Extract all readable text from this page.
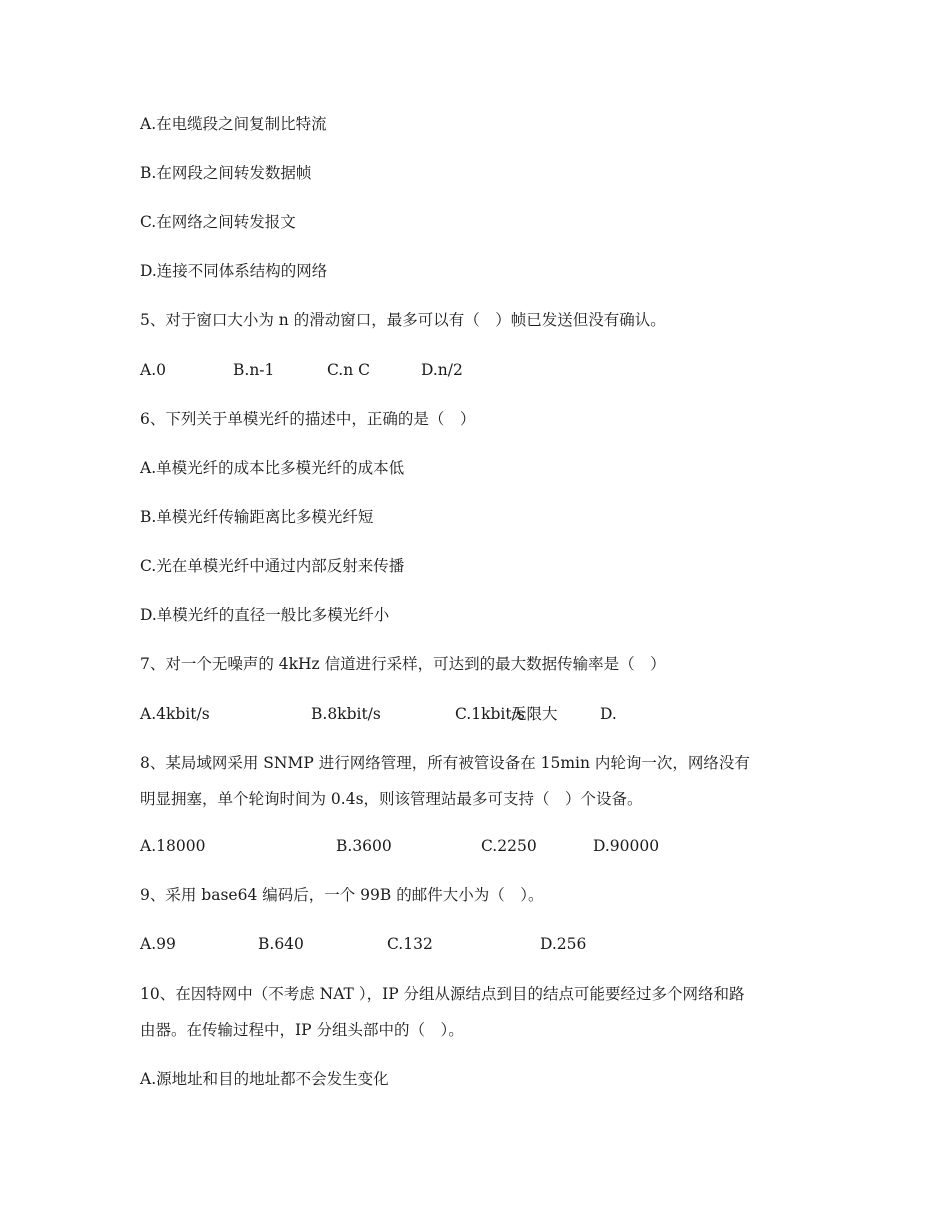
A.在电缆段之间复制比特流
B.在网段之间转发数据帧
C.在网络之间转发报文
D.连接不同体系结构的网络
5、对于窗口大小为 n 的滑动窗口，最多可以有（　）帧已发送但没有确认。
A.0	B.n-1	C.n C	D.n/2
6、下列关于单模光纤的描述中，正确的是（　）
A.单模光纤的成本比多模光纤的成本低
B.单模光纤传输距离比多模光纤短
C.光在单模光纤中通过内部反射来传播
D.单模光纤的直径一般比多模光纤小
7、对一个无噪声的 4kHz 信道进行采样，可达到的最大数据传输率是（　）
A.4kbit/s	B.8kbit/s	C.1kbit/s
无限大	D.
8、某局域网采用 SNMP 进行网络管理，所有被管设备在 15min 内轮询一次，网络没有
明显拥塞，单个轮询时间为 0.4s，则该管理站最多可支持（　）个设备。
A.18000	B.3600	C.2250	D.90000
9、采用 base64 编码后，一个 99B 的邮件大小为（　）。
A.99	B.640	C.132	D.256
10、在因特网中（不考虑 NAT ），IP 分组从源结点到目的结点可能要经过多个网络和路
由器。在传输过程中，IP 分组头部中的（　）。
A.源地址和目的地址都不会发生变化
